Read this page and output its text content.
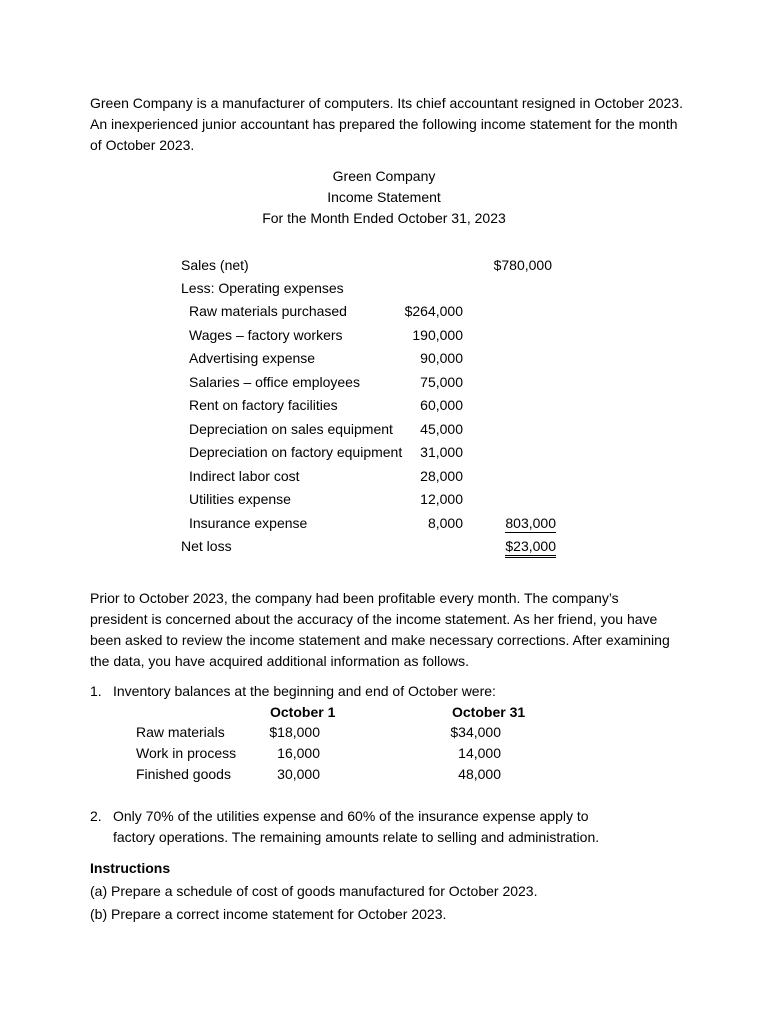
Green Company is a manufacturer of computers. Its chief accountant resigned in October 2023. An inexperienced junior accountant has prepared the following income statement for the month of October 2023.

Green Company
Income Statement
For the Month Ended October 31, 2023
Sales (net)	$780,000
Less: Operating expenses
Raw materials purchased	$264,000
Wages – factory workers	190,000
Advertising expense	90,000
Salaries – office employees	75,000
Rent on factory facilities	60,000
Depreciation on sales equipment	45,000
Depreciation on factory equipment	31,000
Indirect labor cost	28,000
Utilities expense	12,000
Insurance expense	8,000	803,000
Net loss	$23,000

Prior to October 2023, the company had been profitable every month. The company’s president is concerned about the accuracy of the income statement. As her friend, you have been asked to review the income statement and make necessary corrections. After examining the data, you have acquired additional information as follows.

1. Inventory balances at the beginning and end of October were:
October 1	October 31
Raw materials	$18,000	$34,000
Work in process	16,000	14,000
Finished goods	30,000	48,000
2. Only 70% of the utilities expense and 60% of the insurance expense apply to factory operations. The remaining amounts relate to selling and administration.

Instructions
(a) Prepare a schedule of cost of goods manufactured for October 2023.
(b) Prepare a correct income statement for October 2023.
